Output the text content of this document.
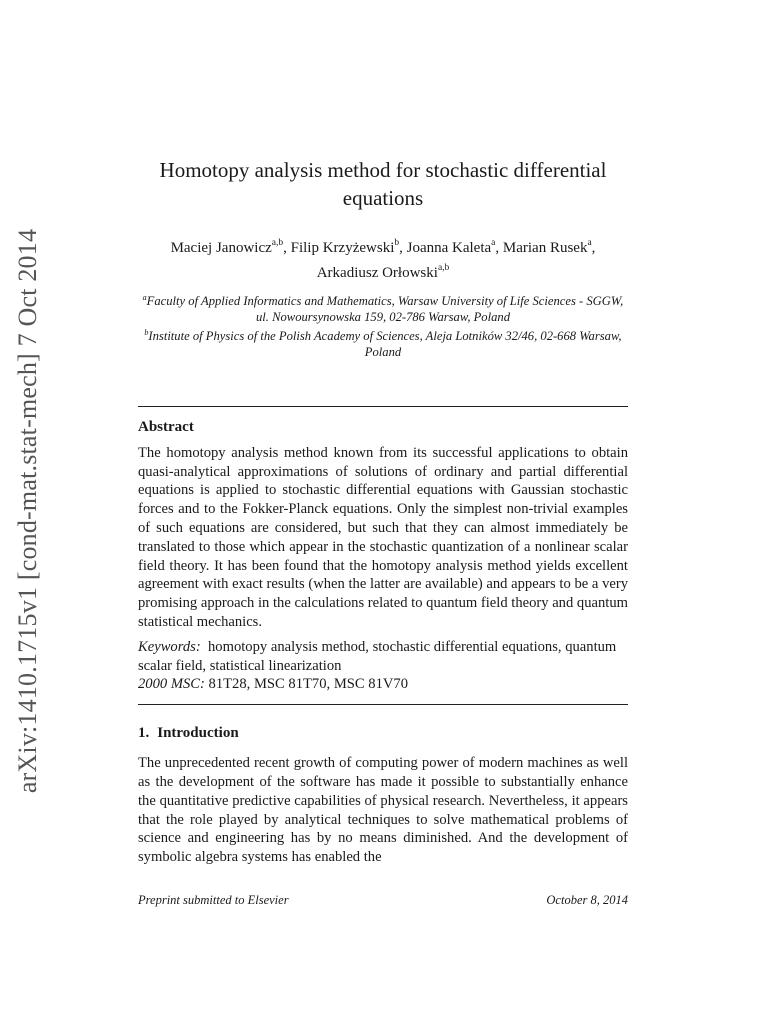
arXiv:1410.1715v1 [cond-mat.stat-mech] 7 Oct 2014
Homotopy analysis method for stochastic differential equations
Maciej Janowicz$^{a,b}$, Filip Krzyżewski$^b$, Joanna Kaleta$^a$, Marian Rusek$^a$,
Arkadiusz Orłowski$^{a,b}$
$^a$Faculty of Applied Informatics and Mathematics, Warsaw University of Life Sciences - SGGW, ul. Nowoursynowska 159, 02-786 Warsaw, Poland
$^b$Institute of Physics of the Polish Academy of Sciences, Aleja Lotników 32/46, 02-668 Warsaw, Poland
Abstract
The homotopy analysis method known from its successful applications to obtain quasi-analytical approximations of solutions of ordinary and partial differential equations is applied to stochastic differential equations with Gaussian stochastic forces and to the Fokker-Planck equations. Only the simplest non-trivial examples of such equations are considered, but such that they can almost immediately be translated to those which appear in the stochastic quantization of a nonlinear scalar field theory. It has been found that the homotopy analysis method yields excellent agreement with exact results (when the latter are available) and appears to be a very promising approach in the calculations related to quantum field theory and quantum statistical mechanics.
Keywords: homotopy analysis method, stochastic differential equations, quantum scalar field, statistical linearization
2000 MSC: 81T28, MSC 81T70, MSC 81V70
1. Introduction
The unprecedented recent growth of computing power of modern machines as well as the development of the software has made it possible to substantially enhance the quantitative predictive capabilities of physical research. Nevertheless, it appears that the role played by analytical techniques to solve mathematical problems of science and engineering has by no means diminished. And the development of symbolic algebra systems has enabled the
Preprint submitted to Elsevier	October 8, 2014
